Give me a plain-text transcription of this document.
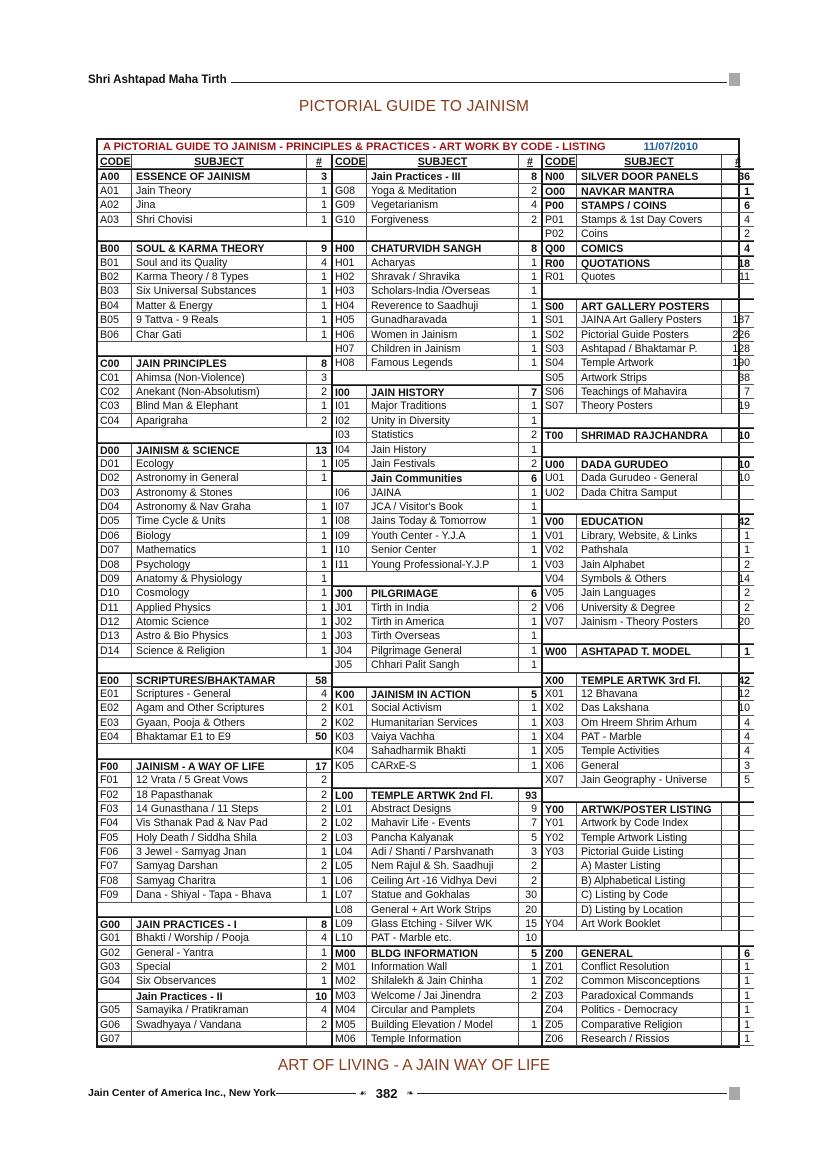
Shri Ashtapad Maha Tirth
PICTORIAL GUIDE TO JAINISM
A PICTORIAL GUIDE TO JAINISM - PRINCIPLES & PRACTICES - ART WORK BY CODE - LISTING	11/07/2010
CODE	SUBJECT	#
A00	ESSENCE OF JAINISM	3
A01	Jain Theory	1
A02	Jina	1
A03	Shri Chovisi	1
B00	SOUL & KARMA THEORY	9
B01	Soul and its Quality	4
B02	Karma Theory / 8 Types	1
B03	Six Universal Substances	1
B04	Matter & Energy	1
B05	9 Tattva - 9 Reals	1
B06	Char Gati	1
C00	JAIN PRINCIPLES	8
C01	Ahimsa (Non-Violence)	3
C02	Anekant (Non-Absolutism)	2
C03	Blind Man & Elephant	1
C04	Aparigraha	2
D00	JAINISM & SCIENCE	13
D01	Ecology	1
D02	Astronomy in General	1
D03	Astronomy & Stones
D04	Astronomy & Nav Graha	1
D05	Time Cycle & Units	1
D06	Biology	1
D07	Mathematics	1
D08	Psychology	1
D09	Anatomy & Physiology	1
D10	Cosmology	1
D11	Applied Physics	1
D12	Atomic Science	1
D13	Astro & Bio Physics	1
D14	Science & Religion	1
E00	SCRIPTURES/BHAKTAMAR	58
E01	Scriptures - General	4
E02	Agam and Other Scriptures	2
E03	Gyaan, Pooja & Others	2
E04	Bhaktamar E1 to E9	50
F00	JAINISM - A WAY OF LIFE	17
F01	12 Vrata / 5 Great Vows	2
F02	18 Papasthanak	2
F03	14 Gunasthana / 11 Steps	2
F04	Vis Sthanak Pad & Nav Pad	2
F05	Holy Death / Siddha Shila	2
F06	3 Jewel - Samyag Jnan	1
F07	Samyag Darshan	2
F08	Samyag Charitra	1
F09	Dana - Shiyal - Tapa - Bhava	1
G00	JAIN PRACTICES - I	8
G01	Bhakti / Worship / Pooja	4
G02	General - Yantra	1
G03	Special	2
G04	Six Observances	1
Jain Practices - II	10
G05	Samayika / Pratikraman	4
G06	Swadhyaya / Vandana	2
G07
CODE	SUBJECT	#
Jain Practices - III	8
G08	Yoga & Meditation	2
G09	Vegetarianism	4
G10	Forgiveness	2
H00	CHATURVIDH SANGH	8
H01	Acharyas	1
H02	Shravak / Shravika	1
H03	Scholars-India /Overseas	1
H04	Reverence to Saadhuji	1
H05	Gunadharavada	1
H06	Women in Jainism	1
H07	Children in Jainism	1
H08	Famous Legends	1
I00	JAIN HISTORY	7
I01	Major Traditions	1
I02	Unity in Diversity	1
I03	Statistics	2
I04	Jain History	1
I05	Jain Festivals	2
Jain Communities	6
I06	JAINA	1
I07	JCA / Visitor's Book	1
I08	Jains Today & Tomorrow	1
I09	Youth Center - Y.J.A	1
I10	Senior Center	1
I11	Young Professional-Y.J.P	1
J00	PILGRIMAGE	6
J01	Tirth in India	2
J02	Tirth in America	1
J03	Tirth Overseas	1
J04	Pilgrimage General	1
J05	Chhari Palit Sangh	1
K00	JAINISM IN ACTION	5
K01	Social Activism	1
K02	Humanitarian Services	1
K03	Vaiya Vachha	1
K04	Sahadharmik Bhakti	1
K05	CARxE-S	1
L00	TEMPLE ARTWK 2nd Fl.	93
L01	Abstract Designs	9
L02	Mahavir Life - Events	7
L03	Pancha Kalyanak	5
L04	Adi / Shanti / Parshvanath	3
L05	Nem Rajul & Sh. Saadhuji	2
L06	Ceiling Art -16 Vidhya Devi	2
L07	Statue and Gokhalas	30
L08	General + Art Work Strips	20
L09	Glass Etching - Silver WK	15
L10	PAT - Marble etc.	10
M00	BLDG INFORMATION	5
M01	Information Wall	1
M02	Shilalekh & Jain Chinha	1
M03	Welcome / Jai Jinendra	2
M04	Circular and Pamplets
M05	Building Elevation / Model	1
M06	Temple Information
CODE	SUBJECT	#
N00	SILVER DOOR PANELS	36
O00	NAVKAR MANTRA	1
P00	STAMPS / COINS	6
P01	Stamps & 1st Day Covers	4
P02	Coins	2
Q00	COMICS	4
R00	QUOTATIONS	18
R01	Quotes	11
S00	ART GALLERY POSTERS
S01	JAINA Art Gallery Posters	187
S02	Pictorial Guide Posters	226
S03	Ashtapad / Bhaktamar P.	128
S04	Temple Artwork	190
S05	Artwork Strips	38
S06	Teachings of Mahavira	7
S07	Theory Posters	19
T00	SHRIMAD RAJCHANDRA	10
U00	DADA GURUDEO	10
U01	Dada Gurudeo - General	10
U02	Dada Chitra Samput
V00	EDUCATION	42
V01	Library, Website, & Links	1
V02	Pathshala	1
V03	Jain Alphabet	2
V04	Symbols & Others	14
V05	Jain Languages	2
V06	University & Degree	2
V07	Jainism - Theory Posters	20
W00	ASHTAPAD T. MODEL	1
X00	TEMPLE ARTWK 3rd Fl.	42
X01	12 Bhavana	12
X02	Das Lakshana	10
X03	Om Hreem Shrim Arhum	4
X04	PAT - Marble	4
X05	Temple Activities	4
X06	General	3
X07	Jain Geography - Universe	5
Y00	ARTWK/POSTER LISTING
Y01	Artwork by Code Index
Y02	Temple Artwork Listing
Y03	Pictorial Guide Listing
A) Master Listing
B) Alphabetical Listing
C) Listing by Code
D) Listing by Location
Y04	Art Work Booklet
Z00	GENERAL	6
Z01	Conflict Resolution	1
Z02	Common Misconceptions	1
Z03	Paradoxical Commands	1
Z04	Politics - Democracy	1
Z05	Comparative Religion	1
Z06	Research / Rissios	1
ART OF LIVING - A JAIN WAY OF LIFE
Jain Center of America Inc., New York	☙ 382 ❧
